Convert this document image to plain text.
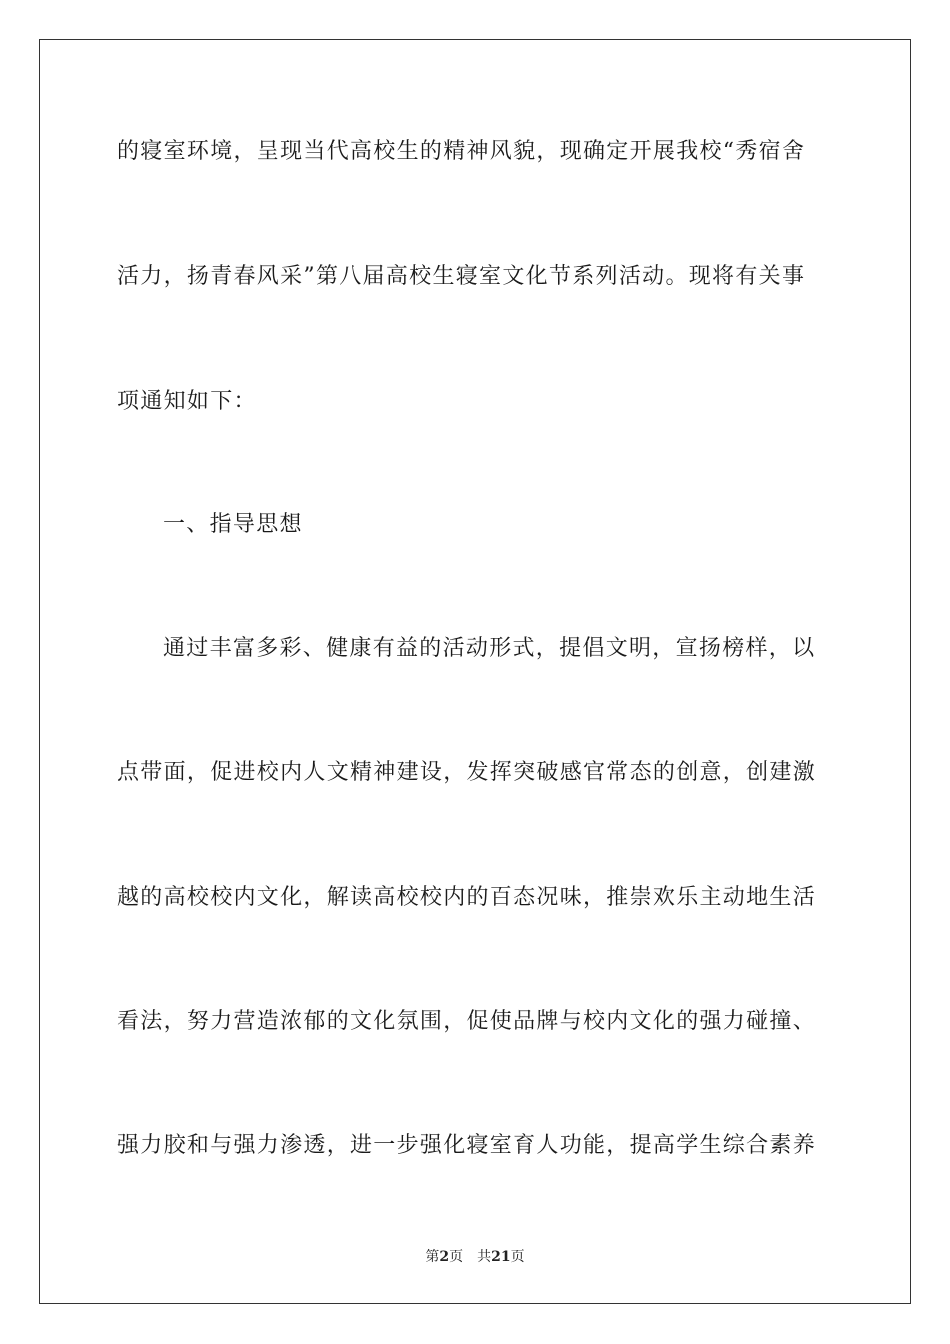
的寝室环境，呈现当代高校生的精神风貌，现确定开展我校“秀宿舍
活力，扬青春风采”第八届高校生寝室文化节系列活动。现将有关事
项通知如下：
一、指导思想
通过丰富多彩、健康有益的活动形式，提倡文明，宣扬榜样，以
点带面，促进校内人文精神建设，发挥突破感官常态的创意，创建激
越的高校校内文化，解读高校校内的百态况味，推崇欢乐主动地生活
看法，努力营造浓郁的文化氛围，促使品牌与校内文化的强力碰撞、
强力胶和与强力渗透，进一步强化寝室育人功能，提高学生综合素养
第2页 共21页
